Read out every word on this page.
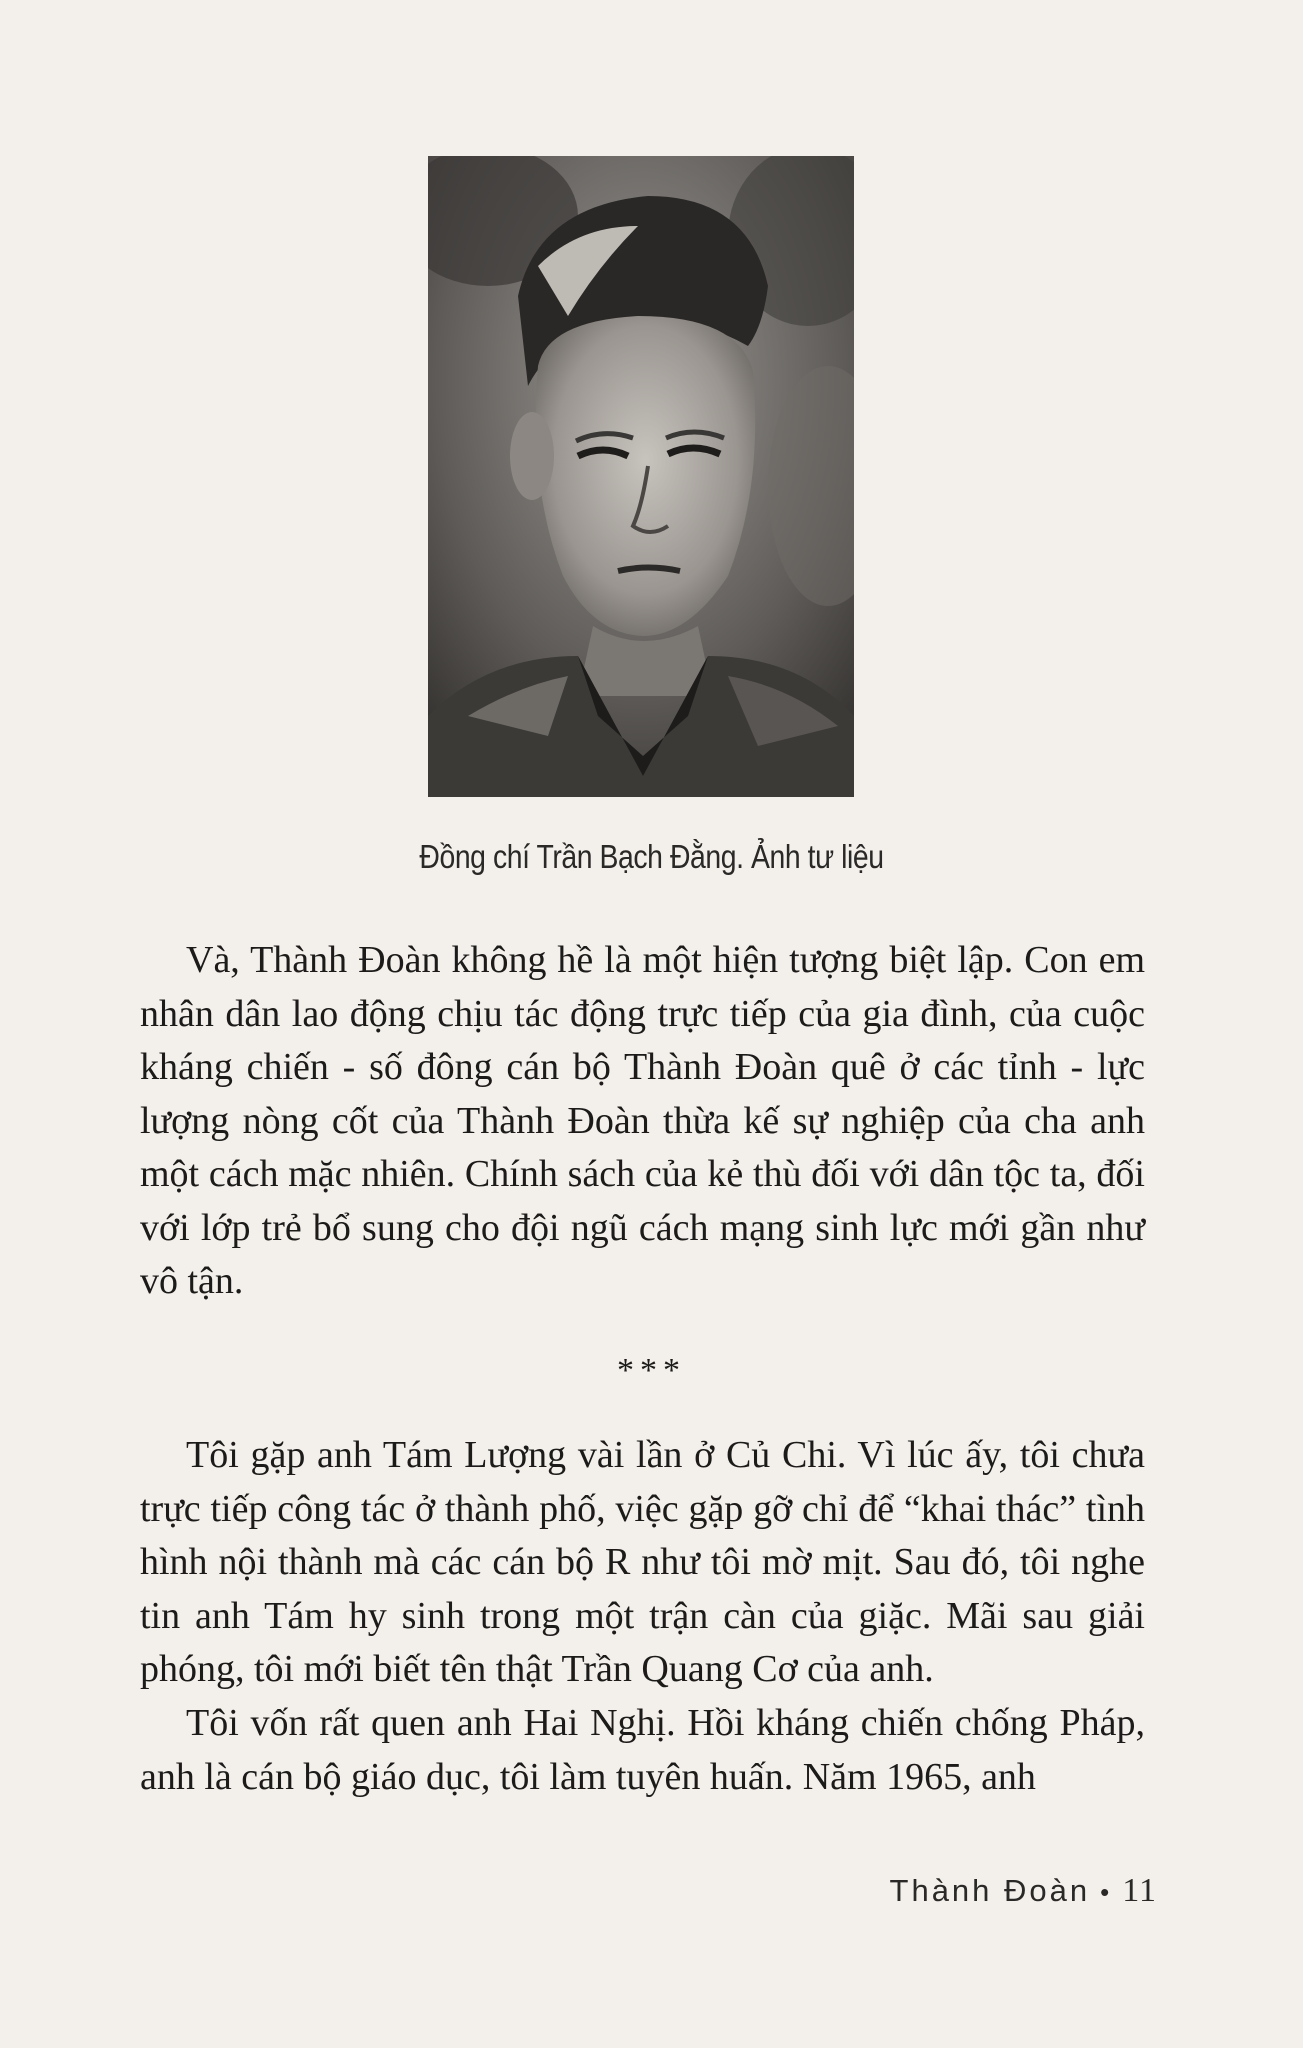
Đồng chí Trần Bạch Đằng. Ảnh tư liệu

Và, Thành Đoàn không hề là một hiện tượng biệt lập. Con em nhân dân lao động chịu tác động trực tiếp của gia đình, của cuộc kháng chiến - số đông cán bộ Thành Đoàn quê ở các tỉnh - lực lượng nòng cốt của Thành Đoàn thừa kế sự nghiệp của cha anh một cách mặc nhiên. Chính sách của kẻ thù đối với dân tộc ta, đối với lớp trẻ bổ sung cho đội ngũ cách mạng sinh lực mới gần như vô tận.

***

Tôi gặp anh Tám Lượng vài lần ở Củ Chi. Vì lúc ấy, tôi chưa trực tiếp công tác ở thành phố, việc gặp gỡ chỉ để “khai thác” tình hình nội thành mà các cán bộ R như tôi mờ mịt. Sau đó, tôi nghe tin anh Tám hy sinh trong một trận càn của giặc. Mãi sau giải phóng, tôi mới biết tên thật Trần Quang Cơ của anh.

Tôi vốn rất quen anh Hai Nghị. Hồi kháng chiến chống Pháp, anh là cán bộ giáo dục, tôi làm tuyên huấn. Năm 1965, anh

Thành Đoàn • 11
